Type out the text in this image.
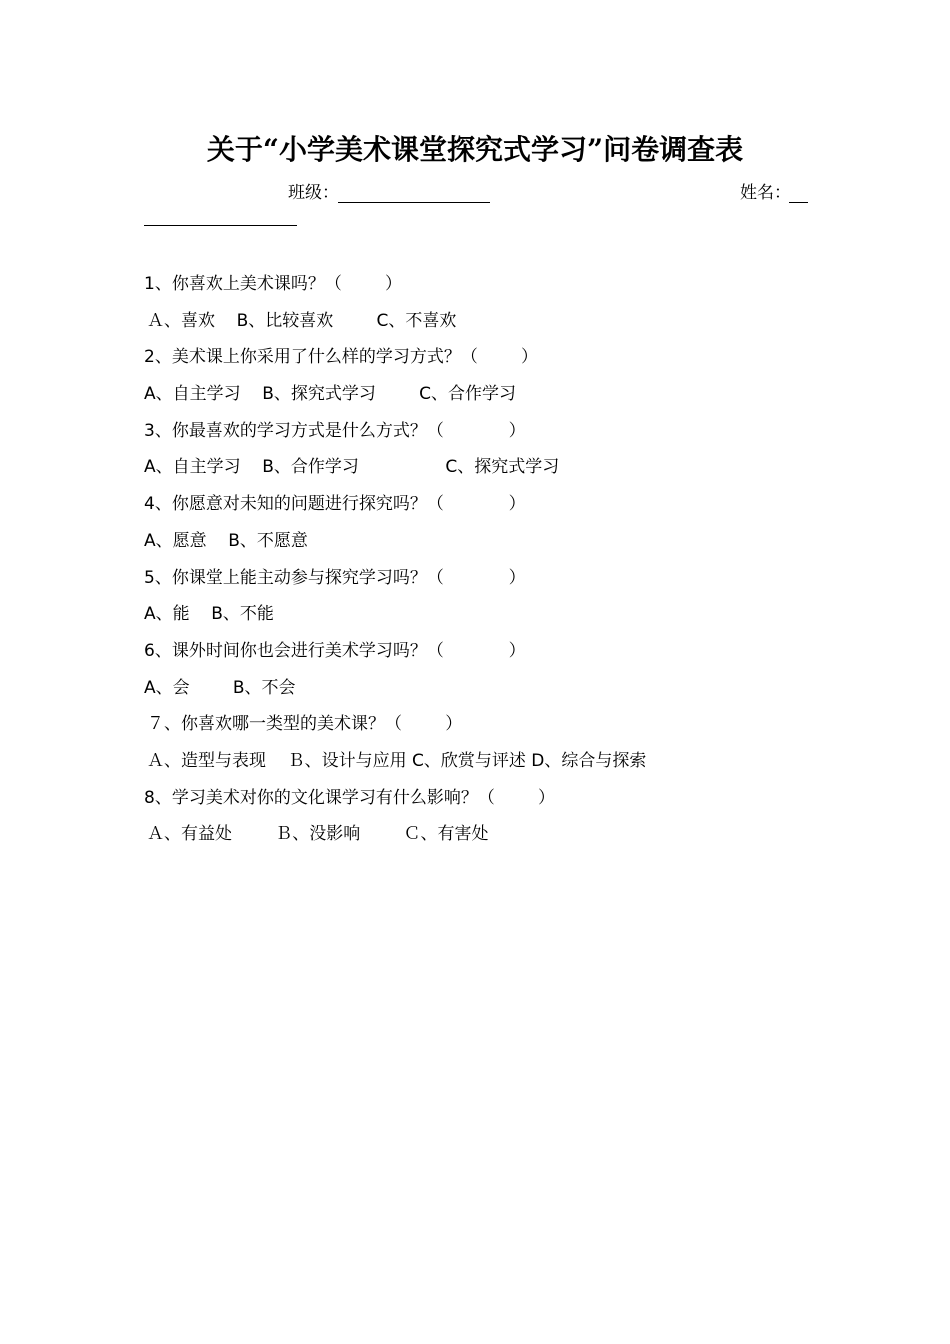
关于“小学美术课堂探究式学习”问卷调查表
班级：	姓名：
1、你喜欢上美术课吗？（        ）
Ａ、喜欢    B、比较喜欢        C、不喜欢
2、美术课上你采用了什么样的学习方式？（        ）
A、自主学习    B、探究式学习        C、合作学习
3、你最喜欢的学习方式是什么方式？（            ）
A、自主学习    B、合作学习                C、探究式学习
4、你愿意对未知的问题进行探究吗？（            ）
A、愿意    B、不愿意
5、你课堂上能主动参与探究学习吗？（            ）
A、能    B、不能
6、课外时间你也会进行美术学习吗？（            ）
A、会        B、不会
７、你喜欢哪一类型的美术课？（        ）
Ａ、造型与表现    Ｂ、设计与应用 C、欣赏与评述 D、综合与探索
8、学习美术对你的文化课学习有什么影响？（        ）
Ａ、有益处        Ｂ、没影响        Ｃ、有害处
